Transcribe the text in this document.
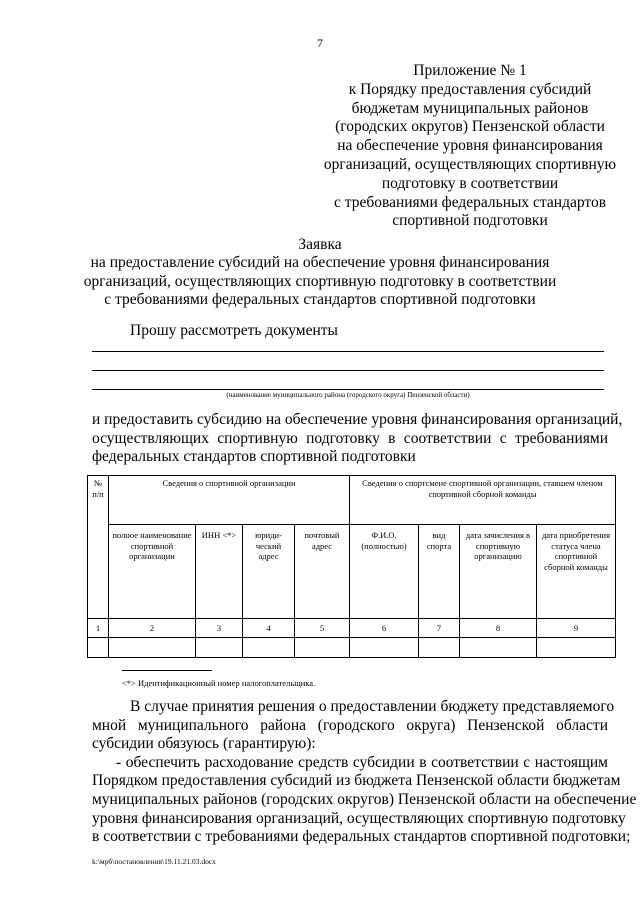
7
Приложение № 1
к Порядку предоставления субсидий
бюджетам муниципальных районов
(городских округов) Пензенской области
на обеспечение уровня финансирования
организаций, осуществляющих спортивную
подготовку в соответствии
с требованиями федеральных стандартов
спортивной подготовки
Заявка
на предоставление субсидий на обеспечение уровня финансирования
организаций, осуществляющих спортивную подготовку в соответствии
с требованиями федеральных стандартов спортивной подготовки
Прошу рассмотреть документы
(наименование муниципального района (городского округа) Пензенской области)
и предоставить субсидию на обеспечение уровня финансирования организаций,
осуществляющих спортивную подготовку в соответствии с требованиями
федеральных стандартов спортивной подготовки
№ п/п	Сведения о спортивной организации				Сведения о спортсмене спортивной организации, ставшем членом спортивной сборной команды			
	полное наименование спортивной организации	ИНН <*>	юриди-ческий адрес	почтовый адрес	Ф.И.О. (полностью)	вид спорта	дата зачисления в спортивную организацию	дата приобретения статуса члена спортивной сборной команды
1	2	3	4	5	6	7	8	9

<*> Идентификационный номер налогоплательщика.
В случае принятия решения о предоставлении бюджету представляемого
мной муниципального района (городского округа) Пензенской области
субсидии обязуюсь (гарантирую):
- обеспечить расходование средств субсидии в соответствии с настоящим
Порядком предоставления субсидий из бюджета Пензенской области бюджетам
муниципальных районов (городских округов) Пензенской области на обеспечение
уровня финансирования организаций, осуществляющих спортивную подготовку
в соответствии с требованиями федеральных стандартов спортивной подготовки;
k:\мрб\постановления\19.11.21.03.docx
